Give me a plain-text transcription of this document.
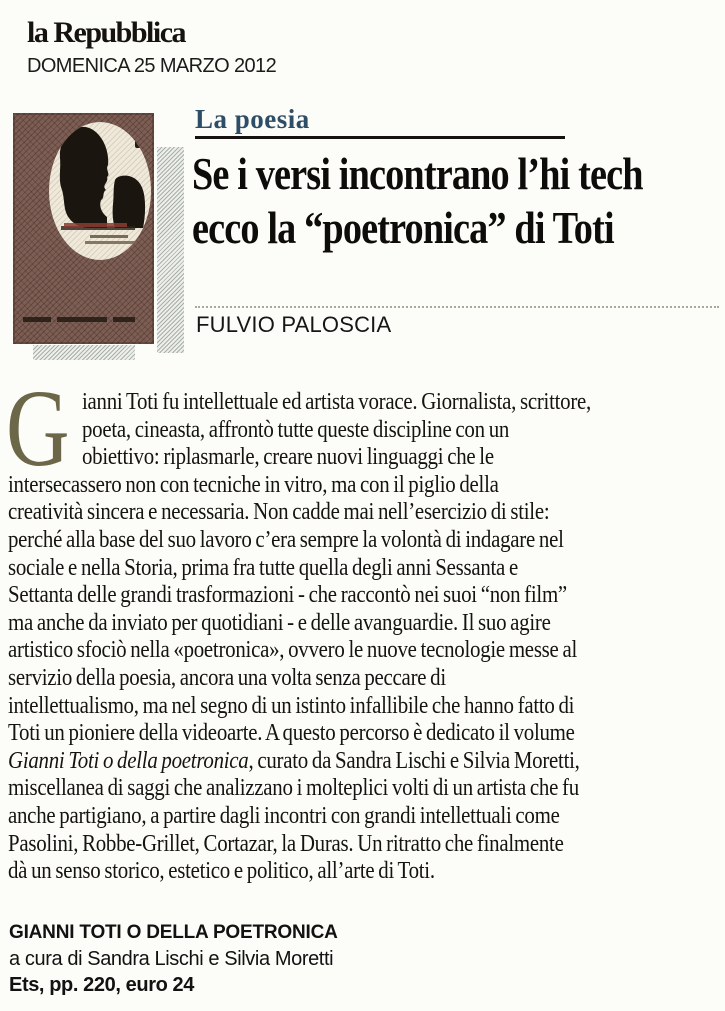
la Repubblica
DOMENICA 25 MARZO 2012
La poesia
Se i versi incontrano l’hi tech
ecco la “poetronica” di Toti
FULVIO PALOSCIA
G ianni Toti fu intellettuale ed artista vorace. Giornalista, scrittore,
poeta, cineasta, affrontò tutte queste discipline con un
obiettivo: riplasmarle, creare nuovi linguaggi che le
intersecassero non con tecniche in vitro, ma con il piglio della
creatività sincera e necessaria. Non cadde mai nell’esercizio di stile:
perché alla base del suo lavoro c’era sempre la volontà di indagare nel
sociale e nella Storia, prima fra tutte quella degli anni Sessanta e
Settanta delle grandi trasformazioni - che raccontò nei suoi “non film”
ma anche da inviato per quotidiani - e delle avanguardie. Il suo agire
artistico sfociò nella «poetronica», ovvero le nuove tecnologie messe al
servizio della poesia, ancora una volta senza peccare di
intellettualismo, ma nel segno di un istinto infallibile che hanno fatto di
Toti un pioniere della videoarte. A questo percorso è dedicato il volume
Gianni Toti o della poetronica, curato da Sandra Lischi e Silvia Moretti,
miscellanea di saggi che analizzano i molteplici volti di un artista che fu
anche partigiano, a partire dagli incontri con grandi intellettuali come
Pasolini, Robbe-Grillet, Cortazar, la Duras. Un ritratto che finalmente
dà un senso storico, estetico e politico, all’arte di Toti.
GIANNI TOTI O DELLA POETRONICA
a cura di Sandra Lischi e Silvia Moretti
Ets, pp. 220, euro 24
